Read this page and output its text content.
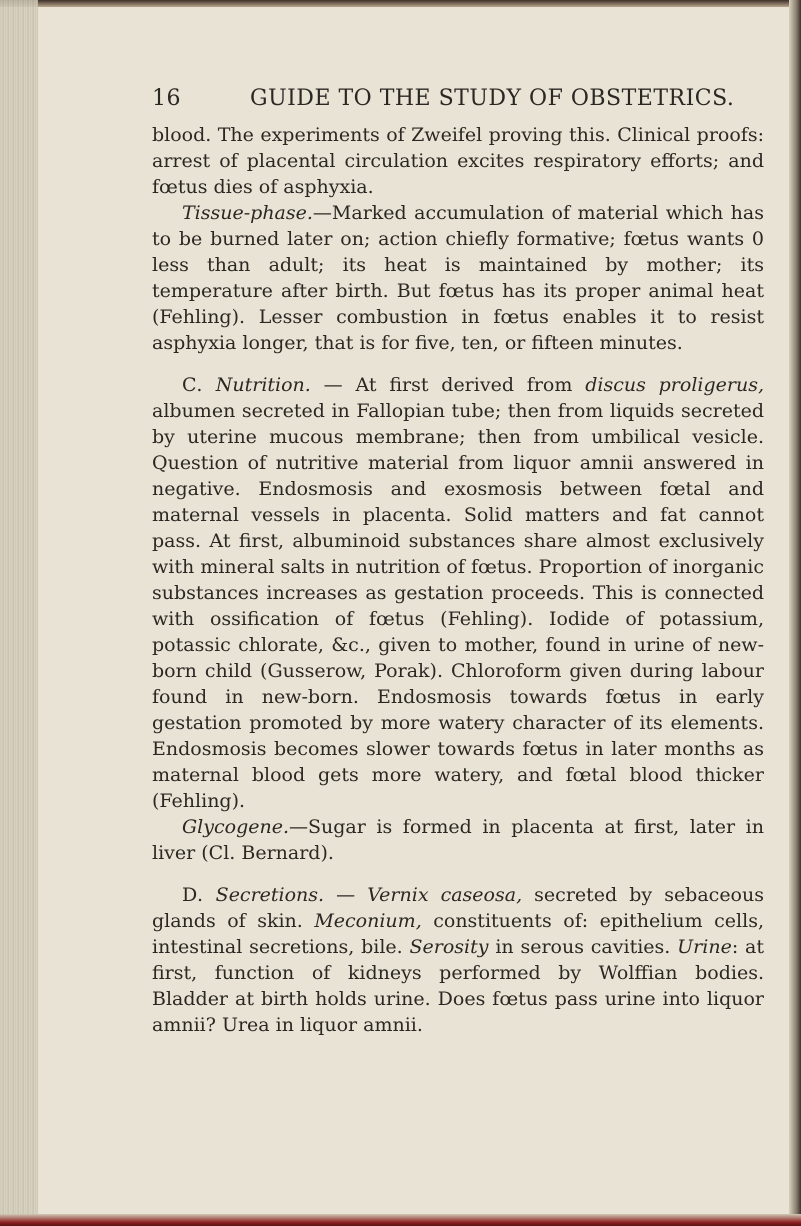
16	GUIDE TO THE STUDY OF OBSTETRICS.

blood. The experiments of Zweifel proving this. Clinical proofs: arrest of placental circulation excites respiratory efforts; and fœtus dies of asphyxia.

Tissue-phase.—Marked accumulation of material which has to be burned later on; action chiefly formative; fœtus wants 0 less than adult; its heat is maintained by mother; its temperature after birth. But fœtus has its proper animal heat (Fehling). Lesser combustion in fœtus enables it to resist asphyxia longer, that is for five, ten, or fifteen minutes.

C. Nutrition. — At first derived from discus proligerus, albumen secreted in Fallopian tube; then from liquids secreted by uterine mucous membrane; then from umbilical vesicle. Question of nutritive material from liquor amnii answered in negative. Endosmosis and exosmosis between fœtal and maternal vessels in placenta. Solid matters and fat cannot pass. At first, albuminoid substances share almost exclusively with mineral salts in nutrition of fœtus. Proportion of inorganic substances increases as gestation proceeds. This is connected with ossification of fœtus (Fehling). Iodide of potassium, potassic chlorate, &c., given to mother, found in urine of new-born child (Gusserow, Porak). Chloroform given during labour found in new-born. Endosmosis towards fœtus in early gestation promoted by more watery character of its elements. Endosmosis becomes slower towards fœtus in later months as maternal blood gets more watery, and fœtal blood thicker (Fehling).

Glycogene.—Sugar is formed in placenta at first, later in liver (Cl. Bernard).

D. Secretions. — Vernix caseosa, secreted by sebaceous glands of skin. Meconium, constituents of: epithelium cells, intestinal secretions, bile. Serosity in serous cavities. Urine: at first, function of kidneys performed by Wolffian bodies. Bladder at birth holds urine. Does fœtus pass urine into liquor amnii? Urea in liquor amnii.
